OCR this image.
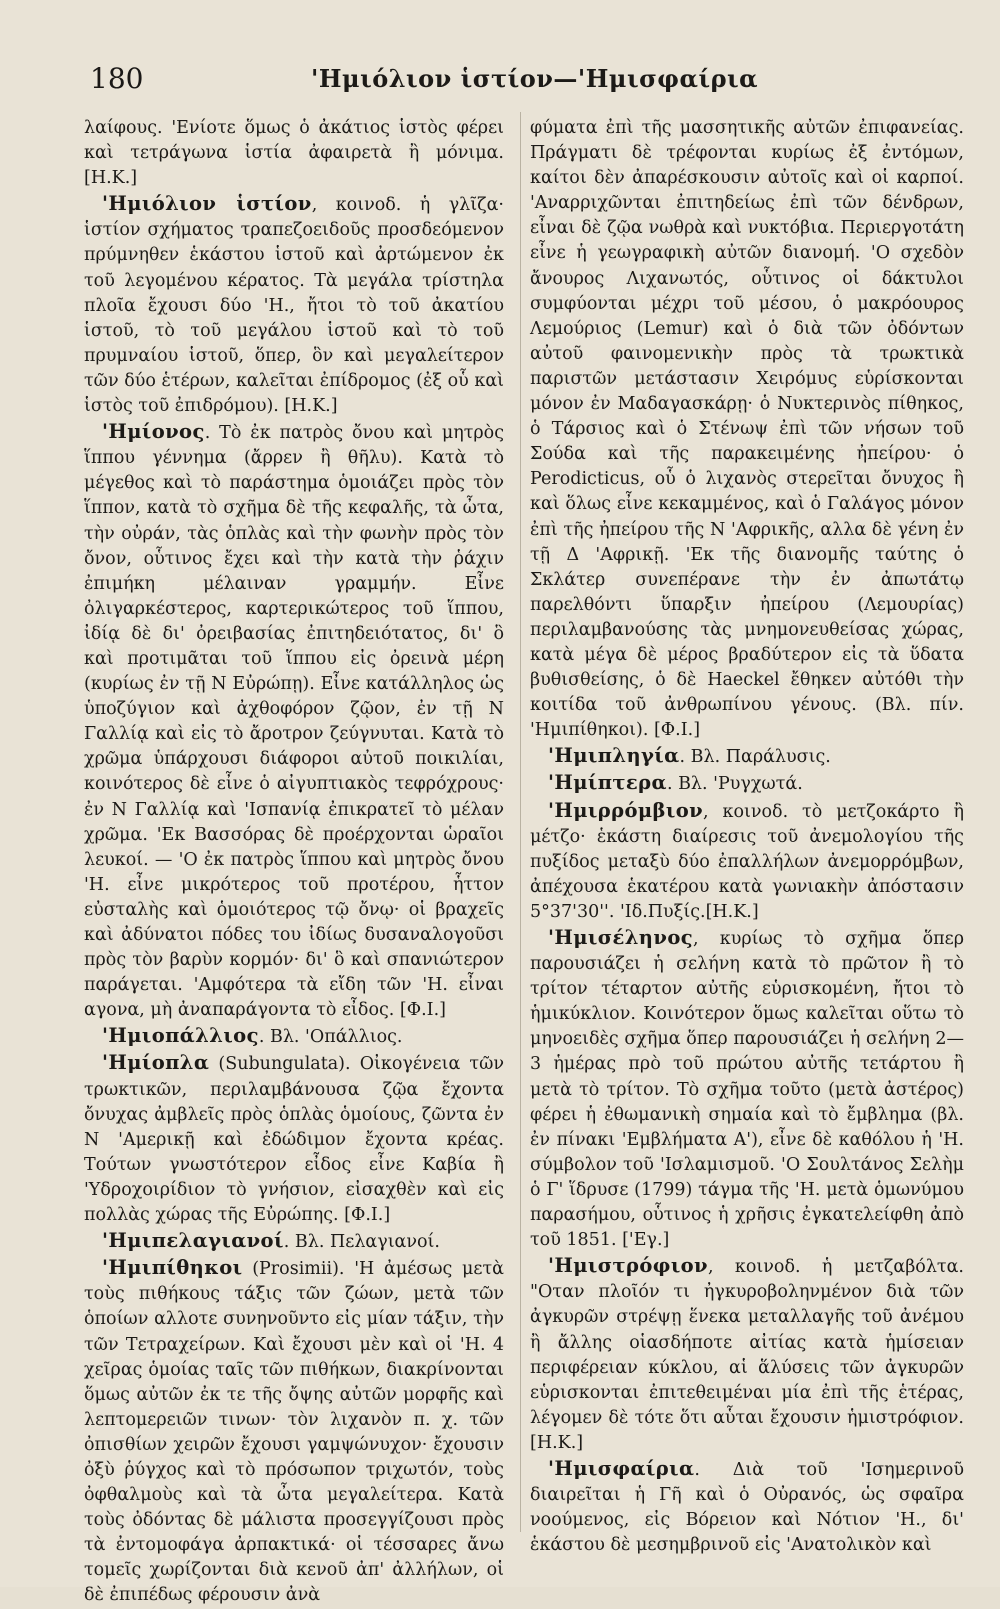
180	'Ημιόλιον ἱστίον—'Ημισφαίρια

λαίφους. 'Ενίοτε ὅμως ὁ ἀκάτιος ἱστὸς φέρει καὶ τετράγωνα ἱστία ἀφαιρετὰ ἢ μόνιμα. [Η.Κ.]

'Ημιόλιον ἱστίον, κοινοδ. ἡ γλῖζα· ἱστίον σχήματος τραπεζοειδοῦς προσδεόμενον πρύμνηθεν ἑκάστου ἱστοῦ καὶ ἀρτώμενον ἐκ τοῦ λεγομένου κέρατος. Τὰ μεγάλα τρίστηλα πλοῖα ἔχουσι δύο 'Η., ἤτοι τὸ τοῦ ἀκατίου ἱστοῦ, τὸ τοῦ μεγάλου ἱστοῦ καὶ τὸ τοῦ πρυμναίου ἱστοῦ, ὅπερ, ὃν καὶ μεγαλείτερον τῶν δύο ἑτέρων, καλεῖται ἐπίδρομος (ἐξ οὗ καὶ ἱστὸς τοῦ ἐπιδρόμου). [Η.Κ.]

'Ημίονος. Τὸ ἐκ πατρὸς ὄνου καὶ μητρὸς ἵππου γέννημα (ἄρρεν ἢ θῆλυ). Κατὰ τὸ μέγεθος καὶ τὸ παράστημα ὁμοιάζει πρὸς τὸν ἵππον, κατὰ τὸ σχῆμα δὲ τῆς κεφαλῆς, τὰ ὦτα, τὴν οὐράν, τὰς ὁπλὰς καὶ τὴν φωνὴν πρὸς τὸν ὄνον, οὗτινος ἔχει καὶ τὴν κατὰ τὴν ῥάχιν ἐπιμήκη μέλαιναν γραμμήν. Εἶνε ὀλιγαρκέστερος, καρτερικώτερος τοῦ ἵππου, ἰδίᾳ δὲ δι' ὀρειβασίας ἐπιτηδειότατος, δι' ὃ καὶ προτιμᾶται τοῦ ἵππου εἰς ὀρεινὰ μέρη (κυρίως ἐν τῇ Ν Εὐρώπῃ). Εἶνε κατάλληλος ὡς ὑποζύγιον καὶ ἀχθοφόρον ζῷον, ἐν τῇ Ν Γαλλίᾳ καὶ εἰς τὸ ἄροτρον ζεύγνυται. Κατὰ τὸ χρῶμα ὑπάρχουσι διάφοροι αὐτοῦ ποικιλίαι, κοινότερος δὲ εἶνε ὁ αἰγυπτιακὸς τεφρόχρους· ἐν Ν Γαλλίᾳ καὶ 'Ισπανίᾳ ἐπικρατεῖ τὸ μέλαν χρῶμα. 'Εκ Βασσόρας δὲ προέρχονται ὡραῖοι λευκοί. — 'Ο ἐκ πατρὸς ἵππου καὶ μητρὸς ὄνου 'Η. εἶνε μικρότερος τοῦ προτέρου, ἧττον εὐσταλὴς καὶ ὁμοιότερος τῷ ὄνῳ· οἱ βραχεῖς καὶ ἀδύνατοι πόδες του ἰδίως δυσαναλογοῦσι πρὸς τὸν βαρὺν κορμόν· δι' ὃ καὶ σπανιώτερον παράγεται. 'Αμφότερα τὰ εἴδη τῶν 'Η. εἶναι αγονα, μὴ ἀναπαράγοντα τὸ εἶδος. [Φ.Ι.]

'Ημιοπάλλιος. Βλ. 'Οπάλλιος.

'Ημίοπλα (Subungulata). Οἰκογένεια τῶν τρωκτικῶν, περιλαμβάνουσα ζῷα ἔχοντα ὄνυχας ἀμβλεῖς πρὸς ὁπλὰς ὁμοίους, ζῶντα ἐν Ν 'Αμερικῇ καὶ ἐδώδιμον ἔχοντα κρέας. Τούτων γνωστότερον εἶδος εἶνε Καβία ἢ 'Υδροχοιρίδιον τὸ γνήσιον, εἰσαχθὲν καὶ εἰς πολλὰς χώρας τῆς Εὐρώπης. [Φ.Ι.]

'Ημιπελαγιανοί. Βλ. Πελαγιανοί.

'Ημιπίθηκοι (Prosimii). 'Η ἀμέσως μετὰ τοὺς πιθήκους τάξις τῶν ζώων, μετὰ τῶν ὁποίων αλλοτε συνηνοῦντο εἰς μίαν τάξιν, τὴν τῶν Τετραχείρων. Καὶ ἔχουσι μὲν καὶ οἱ 'Η. 4 χεῖρας ὁμοίας ταῖς τῶν πιθήκων, διακρίνονται ὅμως αὐτῶν ἐκ τε τῆς ὄψης αὐτῶν μορφῆς καὶ λεπτομερειῶν τινων· τὸν λιχανὸν π. χ. τῶν ὀπισθίων χειρῶν ἔχουσι γαμψώνυχον· ἔχουσιν ὀξὺ ῥύγχος καὶ τὸ πρόσωπον τριχωτόν, τοὺς ὀφθαλμοὺς καὶ τὰ ὦτα μεγαλείτερα. Κατὰ τοὺς ὀδόντας δὲ μάλιστα προσεγγίζουσι πρὸς τὰ ἐντομοφάγα ἀρπακτικά· οἱ τέσσαρες ἄνω τομεῖς χωρίζονται διὰ κενοῦ ἀπ' ἀλλήλων, οἱ δὲ ἐπιπέδως φέρουσιν ἀνὰ

φύματα ἐπὶ τῆς μασσητικῆς αὐτῶν ἐπιφανείας. Πράγματι δὲ τρέφονται κυρίως ἐξ ἐντόμων, καίτοι δὲν ἀπαρέσκουσιν αὐτοῖς καὶ οἱ καρποί. 'Αναρριχῶνται ἐπιτηδείως ἐπὶ τῶν δένδρων, εἶναι δὲ ζῷα νωθρὰ καὶ νυκτόβια. Περιεργοτάτη εἶνε ἡ γεωγραφικὴ αὐτῶν διανομή. 'Ο σχεδὸν ἄνουρος Λιχανωτός, οὗτινος οἱ δάκτυλοι συμφύονται μέχρι τοῦ μέσου, ὁ μακρόουρος Λεμούριος (Lemur) καὶ ὁ διὰ τῶν ὀδόντων αὐτοῦ φαινομενικὴν πρὸς τὰ τρωκτικὰ παριστῶν μετάστασιν Χειρόμυς εὑρίσκονται μόνον ἐν Μαδαγασκάρῃ· ὁ Νυκτερινὸς πίθηκος, ὁ Τάρσιος καὶ ὁ Στένωψ ἐπὶ τῶν νήσων τοῦ Σούδα καὶ τῆς παρακειμένης ἠπείρου· ὁ Perodicticus, οὗ ὁ λιχανὸς στερεῖται ὄνυχος ἢ καὶ ὅλως εἶνε κεκαμμένος, καὶ ὁ Γαλάγος μόνον ἐπὶ τῆς ἠπείρου τῆς Ν 'Αφρικῆς, αλλα δὲ γένη ἐν τῇ Δ 'Αφρικῇ. 'Εκ τῆς διανομῆς ταύτης ὁ Σκλάτερ συνεπέρανε τὴν ἐν ἀπωτάτῳ παρελθόντι ὕπαρξιν ἠπείρου (Λεμουρίας) περιλαμβανούσης τὰς μνημονευθείσας χώρας, κατὰ μέγα δὲ μέρος βραδύτερον εἰς τὰ ὕδατα βυθισθείσης, ὁ δὲ Haeckel ἔθηκεν αὐτόθι τὴν κοιτίδα τοῦ ἀνθρωπίνου γένους. (Βλ. πίν. 'Ημιπίθηκοι). [Φ.Ι.]

'Ημιπληγία. Βλ. Παράλυσις.

'Ημίπτερα. Βλ. 'Ρυγχωτά.

'Ημιρρόμβιον, κοινοδ. τὸ μετζοκάρτο ἢ μέτζο· ἑκάστη διαίρεσις τοῦ ἀνεμολογίου τῆς πυξίδος μεταξὺ δύο ἐπαλλήλων ἀνεμορρόμβων, ἀπέχουσα ἑκατέρου κατὰ γωνιακὴν ἀπόστασιν 5°37'30''. 'Ιδ.Πυξίς.[Η.Κ.]

'Ημισέληνος, κυρίως τὸ σχῆμα ὅπερ παρουσιάζει ἡ σελήνη κατὰ τὸ πρῶτον ἢ τὸ τρίτον τέταρτον αὐτῆς εὑρισκομένη, ἤτοι τὸ ἡμικύκλιον. Κοινότερον ὅμως καλεῖται οὕτω τὸ μηνοειδὲς σχῆμα ὅπερ παρουσιάζει ἡ σελήνη 2—3 ἡμέρας πρὸ τοῦ πρώτου αὐτῆς τετάρτου ἢ μετὰ τὸ τρίτον. Τὸ σχῆμα τοῦτο (μετὰ ἀστέρος) φέρει ἡ ἐθωμανικὴ σημαία καὶ τὸ ἔμβλημα (βλ. ἐν πίνακι 'Εμβλήματα Α'), εἶνε δὲ καθόλου ἡ 'Η. σύμβολον τοῦ 'Ισλαμισμοῦ. 'Ο Σουλτάνος Σελὴμ ὁ Γ' ἵδρυσε (1799) τάγμα τῆς 'Η. μετὰ ὁμωνύμου παρασήμου, οὗτινος ἡ χρῆσις ἐγκατελείφθη ἀπὸ τοῦ 1851. ['Εγ.]

'Ημιστρόφιον, κοινοδ. ἡ μετζαβόλτα. "Οταν πλοῖόν τι ἠγκυροβοληνμένον διὰ τῶν ἀγκυρῶν στρέψῃ ἕνεκα μεταλλαγῆς τοῦ ἀνέμου ἢ ἄλλης οἱασδήποτε αἰτίας κατὰ ἡμίσειαν περιφέρειαν κύκλου, αἱ ἅλύσεις τῶν ἀγκυρῶν εὑρισκονται ἐπιτεθειμέναι μία ἐπὶ τῆς ἑτέρας, λέγομεν δὲ τότε ὅτι αὗται ἔχουσιν ἡμιστρόφιον. [Η.Κ.]

'Ημισφαίρια. Διὰ τοῦ 'Ισημερινοῦ διαιρεῖται ἡ Γῆ καὶ ὁ Οὐρανός, ὡς σφαῖρα νοούμενος, εἰς Βόρειον καὶ Νότιον 'Η., δι' ἑκάστου δὲ μεσημβρινοῦ εἰς 'Ανατολικὸν καὶ
